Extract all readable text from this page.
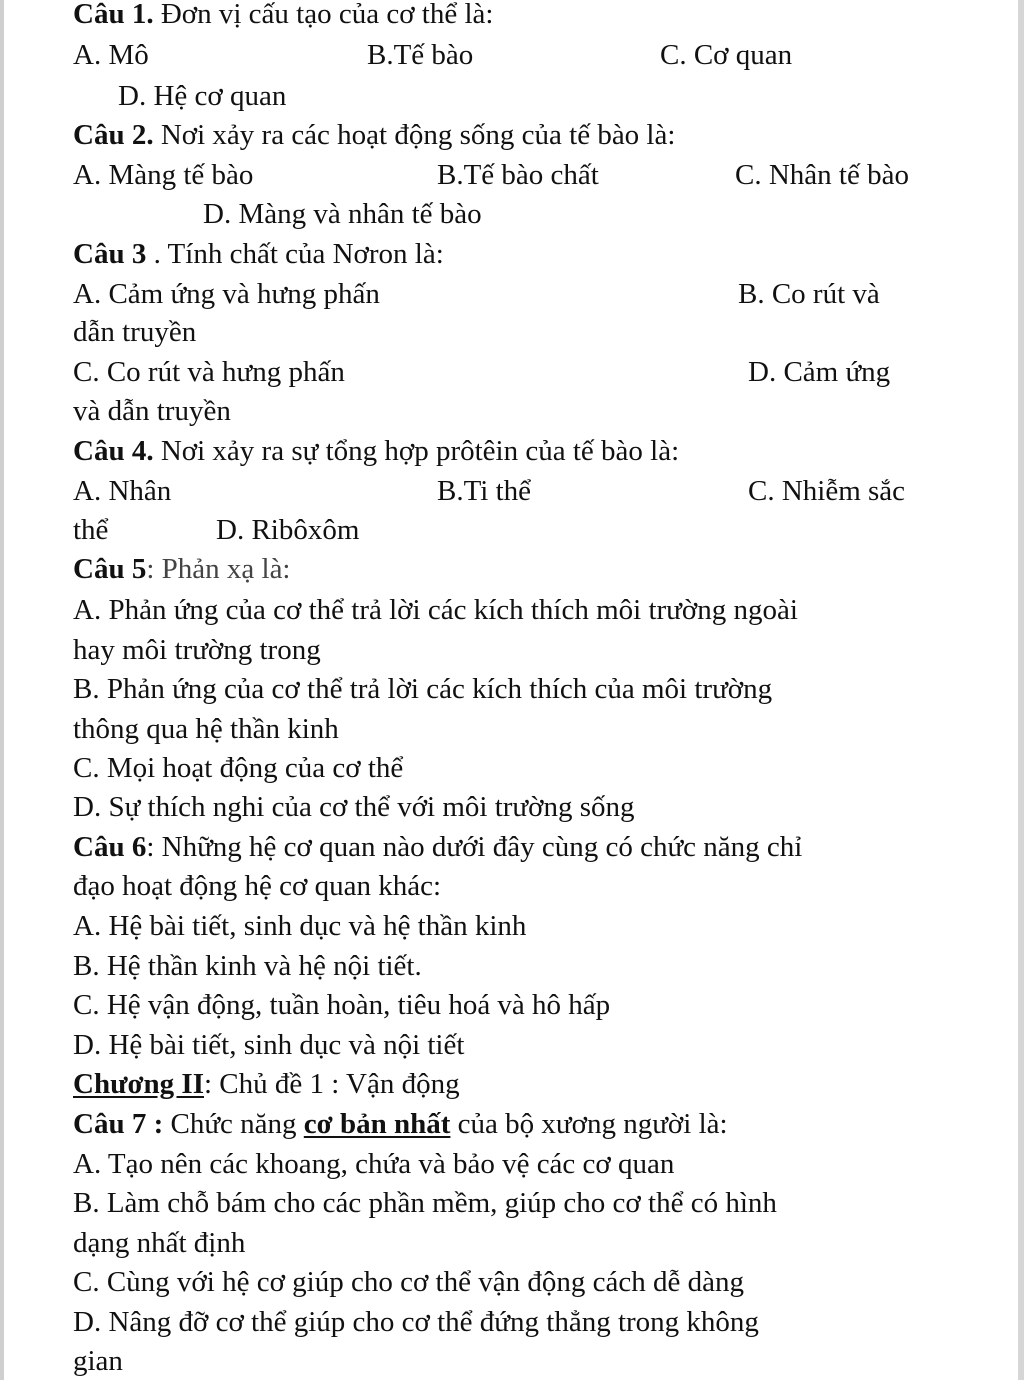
Câu 1. Đơn vị cấu tạo của cơ thể là:
A. Mô	B.Tế bào	C. Cơ quan
D. Hệ cơ quan
Câu 2. Nơi xảy ra các hoạt động sống của tế bào là:
A. Màng tế bào	B.Tế bào chất	C. Nhân tế bào
D. Màng và nhân tế bào
Câu 3 . Tính chất của Nơron là:
A. Cảm ứng và hưng phấn	B. Co rút và
dẫn truyền
C. Co rút và hưng phấn	D. Cảm ứng
và dẫn truyền
Câu 4. Nơi xảy ra sự tổng hợp prôtêin của tế bào là:
A. Nhân	B.Ti thể	C. Nhiễm sắc
thể	D. Ribôxôm
Câu 5: Phản xạ là:
A. Phản ứng của cơ thể trả lời các kích thích môi trường ngoài
hay môi trường trong
B. Phản ứng của cơ thể trả lời các kích thích của môi trường
thông qua hệ thần kinh
C. Mọi hoạt động của cơ thể
D. Sự thích nghi của cơ thể với môi trường sống
Câu 6: Những hệ cơ quan nào dưới đây cùng có chức năng chỉ
đạo hoạt động hệ cơ quan khác:
A. Hệ bài tiết, sinh dục và hệ thần kinh
B. Hệ thần kinh và hệ nội tiết.
C. Hệ vận động, tuần hoàn, tiêu hoá và hô hấp
D. Hệ bài tiết, sinh dục và nội tiết
Chương II: Chủ đề 1 : Vận động
Câu 7 : Chức năng cơ bản nhất của bộ xương người là:
A. Tạo nên các khoang, chứa và bảo vệ các cơ quan
B. Làm chỗ bám cho các phần mềm, giúp cho cơ thể có hình
dạng nhất định
C. Cùng với hệ cơ giúp cho cơ thể vận động cách dễ dàng
D. Nâng đỡ cơ thể giúp cho cơ thể đứng thẳng trong không
gian
